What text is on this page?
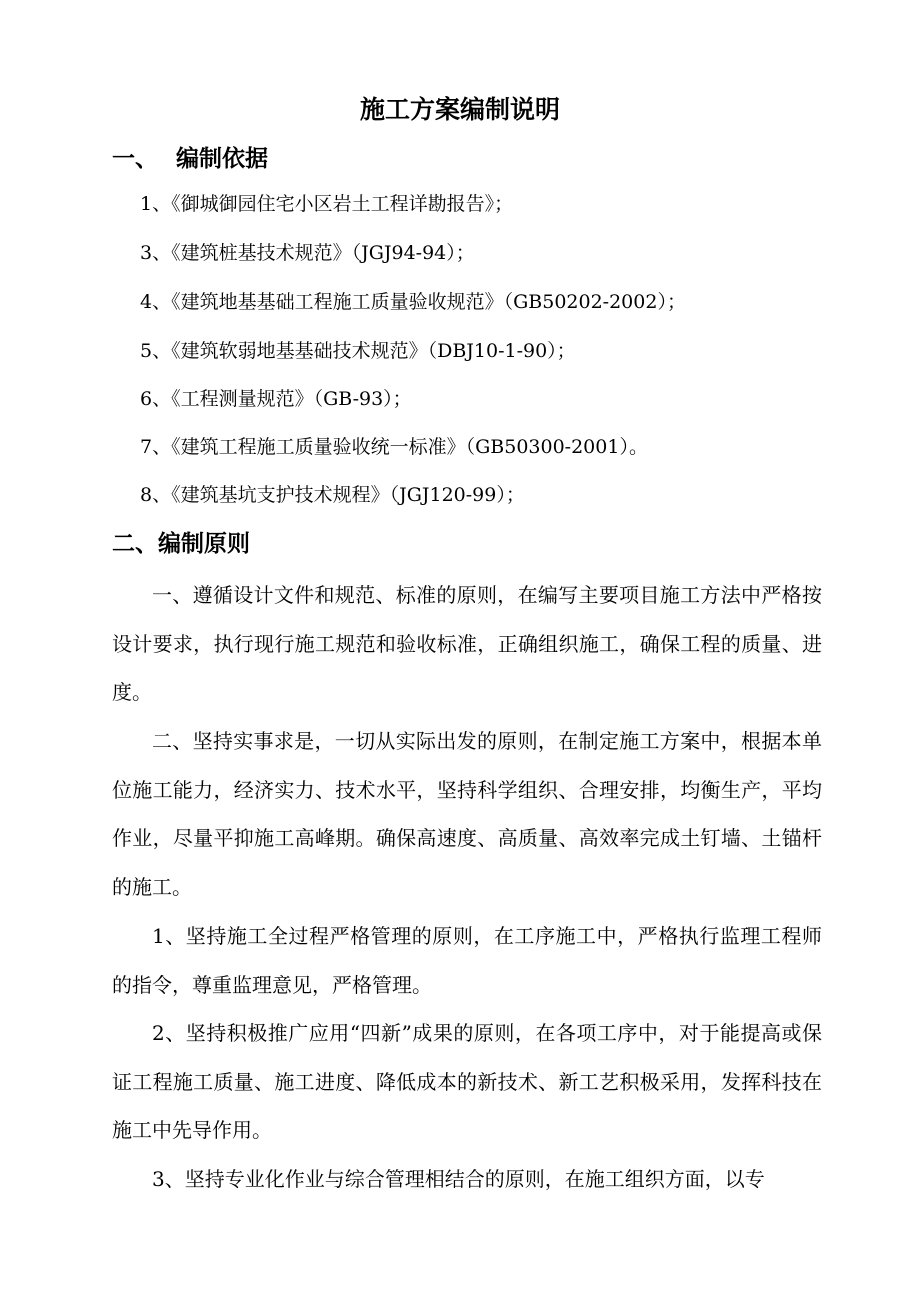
施工方案编制说明
一、 编制依据

1、《御城御园住宅小区岩土工程详勘报告》；

3、《建筑桩基技术规范》（JGJ94-94）；

4、《建筑地基基础工程施工质量验收规范》（GB50202-2002）；

5、《建筑软弱地基基础技术规范》（DBJ10-1-90）；

6、《工程测量规范》（GB-93）；

7、《建筑工程施工质量验收统一标准》（GB50300-2001）。

8、《建筑基坑支护技术规程》（JGJ120-99）；

二、编制原则

一、遵循设计文件和规范、标准的原则，在编写主要项目施工方法中严格按设计要求，执行现行施工规范和验收标准，正确组织施工，确保工程的质量、进度。

二、坚持实事求是，一切从实际出发的原则，在制定施工方案中，根据本单位施工能力，经济实力、技术水平，坚持科学组织、合理安排，均衡生产，平均作业，尽量平抑施工高峰期。确保高速度、高质量、高效率完成土钉墙、土锚杆的施工。

1、坚持施工全过程严格管理的原则，在工序施工中，严格执行监理工程师的指令，尊重监理意见，严格管理。

2、坚持积极推广应用“四新”成果的原则，在各项工序中，对于能提高或保证工程施工质量、施工进度、降低成本的新技术、新工艺积极采用，发挥科技在施工中先导作用。

3、坚持专业化作业与综合管理相结合的原则，在施工组织方面，以专
